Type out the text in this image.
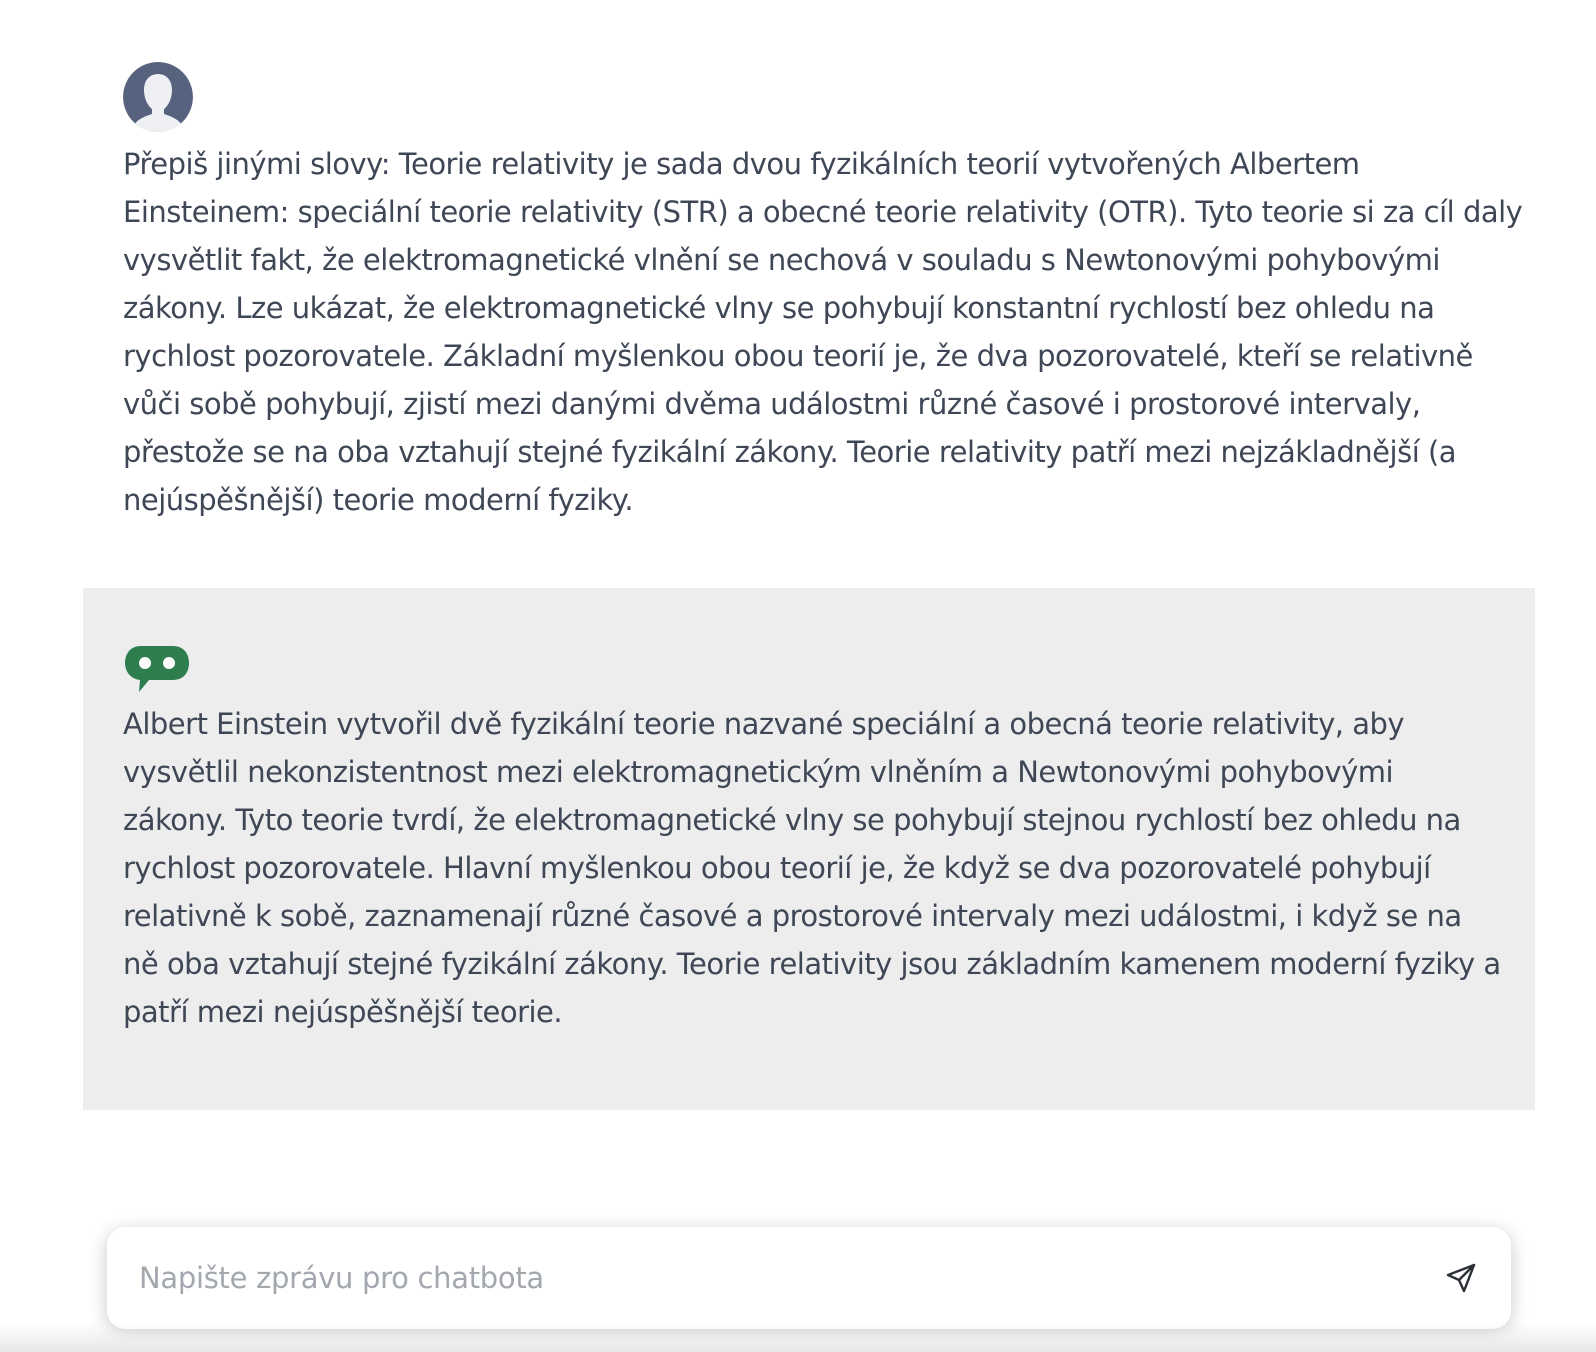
Přepiš jinými slovy: Teorie relativity je sada dvou fyzikálních teorií vytvořených Albertem Einsteinem: speciální teorie relativity (STR) a obecné teorie relativity (OTR). Tyto teorie si za cíl daly vysvětlit fakt, že elektromagnetické vlnění se nechová v souladu s Newtonovými pohybovými zákony. Lze ukázat, že elektromagnetické vlny se pohybují konstantní rychlostí bez ohledu na rychlost pozorovatele. Základní myšlenkou obou teorií je, že dva pozorovatelé, kteří se relativně vůči sobě pohybují, zjistí mezi danými dvěma událostmi různé časové i prostorové intervaly, přestože se na oba vztahují stejné fyzikální zákony. Teorie relativity patří mezi nejzákladnější (a nejúspěšnější) teorie moderní fyziky.

Albert Einstein vytvořil dvě fyzikální teorie nazvané speciální a obecná teorie relativity, aby vysvětlil nekonzistentnost mezi elektromagnetickým vlněním a Newtonovými pohybovými zákony. Tyto teorie tvrdí, že elektromagnetické vlny se pohybují stejnou rychlostí bez ohledu na rychlost pozorovatele. Hlavní myšlenkou obou teorií je, že když se dva pozorovatelé pohybují relativně k sobě, zaznamenají různé časové a prostorové intervaly mezi událostmi, i když se na ně oba vztahují stejné fyzikální zákony. Teorie relativity jsou základním kamenem moderní fyziky a patří mezi nejúspěšnější teorie.

Napište zprávu pro chatbota
